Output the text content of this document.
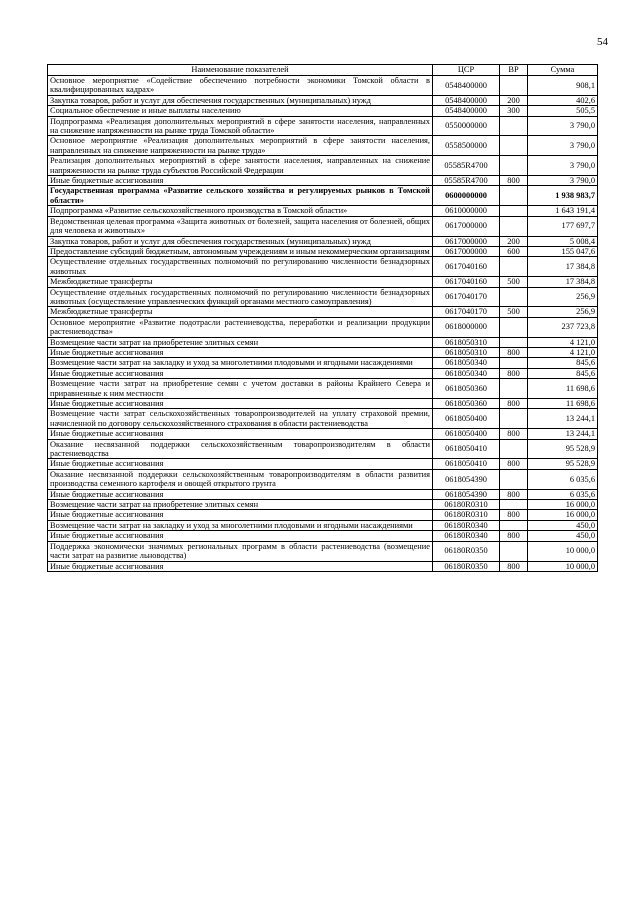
54
Наименование показателей	ЦСР	ВР	Сумма
Основное мероприятие «Содействие обеспечению потребности экономики Томской области в квалифицированных кадрах»	0548400000		908,1
Закупка товаров, работ и услуг для обеспечения государственных (муниципальных) нужд	0548400000	200	402,6
Социальное обеспечение и иные выплаты населению	0548400000	300	505,5
Подпрограмма «Реализация дополнительных мероприятий в сфере занятости населения, направленных на снижение напряженности на рынке труда Томской области»	0550000000		3 790,0
Основное мероприятие «Реализация дополнительных мероприятий в сфере занятости населения, направленных на снижение напряженности на рынке труда»	0558500000		3 790,0
Реализация дополнительных мероприятий в сфере занятости населения, направленных на снижение напряженности на рынке труда субъектов Российской Федерации	05585R4700		3 790,0
Иные бюджетные ассигнования	05585R4700	800	3 790,0
Государственная программа «Развитие сельского хозяйства и регулируемых рынков в Томской области»	0600000000		1 938 983,7
Подпрограмма «Развитие сельскохозяйственного производства в Томской области»	0610000000		1 643 191,4
Ведомственная целевая программа «Защита животных от болезней, защита населения от болезней, общих для человека и животных»	0617000000		177 697,7
Закупка товаров, работ и услуг для обеспечения государственных (муниципальных) нужд	0617000000	200	5 008,4
Предоставление субсидий бюджетным, автономным учреждениям и иным некоммерческим организациям	0617000000	600	155 047,6
Осуществление отдельных государственных полномочий по регулированию численности безнадзорных животных	0617040160		17 384,8
Межбюджетные трансферты	0617040160	500	17 384,8
Осуществление отдельных государственных полномочий по регулированию численности безнадзорных животных (осуществление управленческих функций органами местного самоуправления)	0617040170		256,9
Межбюджетные трансферты	0617040170	500	256,9
Основное мероприятие «Развитие подотрасли растениеводства, переработки и реализации продукции растениеводства»	0618000000		237 723,8
Возмещение части затрат на приобретение элитных семян	0618050310		4 121,0
Иные бюджетные ассигнования	0618050310	800	4 121,0
Возмещение части затрат на закладку и уход за многолетними плодовыми и ягодными насаждениями	0618050340		845,6
Иные бюджетные ассигнования	0618050340	800	845,6
Возмещение части затрат на приобретение семян с учетом доставки в районы Крайнего Севера и приравненные к ним местности	0618050360		11 698,6
Иные бюджетные ассигнования	0618050360	800	11 698,6
Возмещение части затрат сельскохозяйственных товаропроизводителей на уплату страховой премии, начисленной по договору сельскохозяйственного страхования в области растениеводства	0618050400		13 244,1
Иные бюджетные ассигнования	0618050400	800	13 244,1
Оказание несвязанной поддержки сельскохозяйственным товаропроизводителям в области растениеводства	0618050410		95 528,9
Иные бюджетные ассигнования	0618050410	800	95 528,9
Оказание несвязанной поддержки сельскохозяйственным товаропроизводителям в области развития производства семенного картофеля и овощей открытого грунта	0618054390		6 035,6
Иные бюджетные ассигнования	0618054390	800	6 035,6
Возмещение части затрат на приобретение элитных семян	06180R0310		16 000,0
Иные бюджетные ассигнования	06180R0310	800	16 000,0
Возмещение части затрат на закладку и уход за многолетними плодовыми и ягодными насаждениями	06180R0340		450,0
Иные бюджетные ассигнования	06180R0340	800	450,0
Поддержка экономически значимых региональных программ в области растениеводства (возмещение части затрат на развитие льноводства)	06180R0350		10 000,0
Иные бюджетные ассигнования	06180R0350	800	10 000,0
